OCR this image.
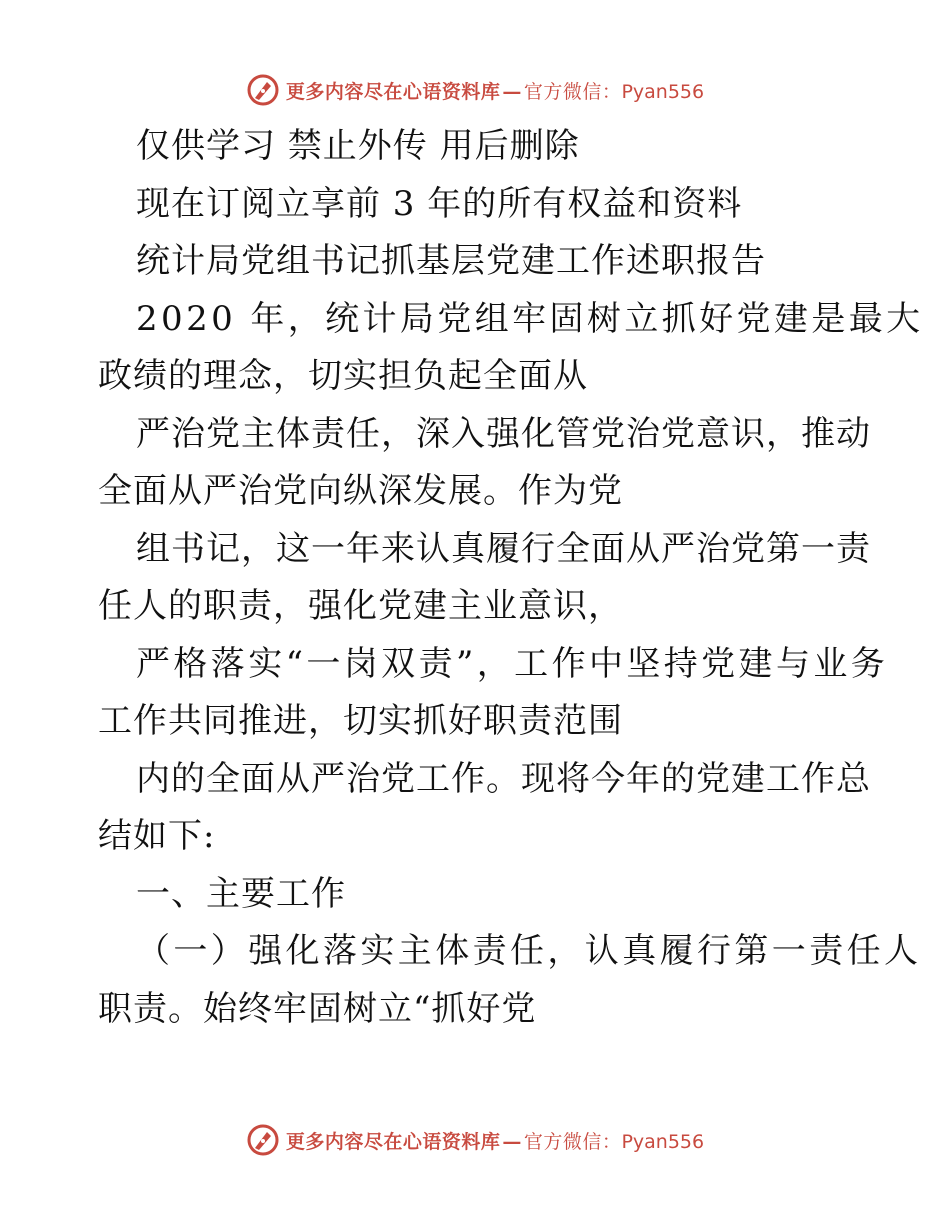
更多内容尽在心语资料库 — 官方微信：Pyan556
仅供学习 禁止外传 用后删除
现在订阅立享前 3 年的所有权益和资料
统计局党组书记抓基层党建工作述职报告
2020 年，统计局党组牢固树立抓好党建是最大
政绩的理念，切实担负起全面从
严治党主体责任，深入强化管党治党意识，推动
全面从严治党向纵深发展。作为党
组书记，这一年来认真履行全面从严治党第一责
任人的职责，强化党建主业意识，
严格落实“一岗双责”，工作中坚持党建与业务
工作共同推进，切实抓好职责范围
内的全面从严治党工作。现将今年的党建工作总
结如下:
一、主要工作
（一）强化落实主体责任，认真履行第一责任人
职责。始终牢固树立“抓好党
更多内容尽在心语资料库 — 官方微信：Pyan556
